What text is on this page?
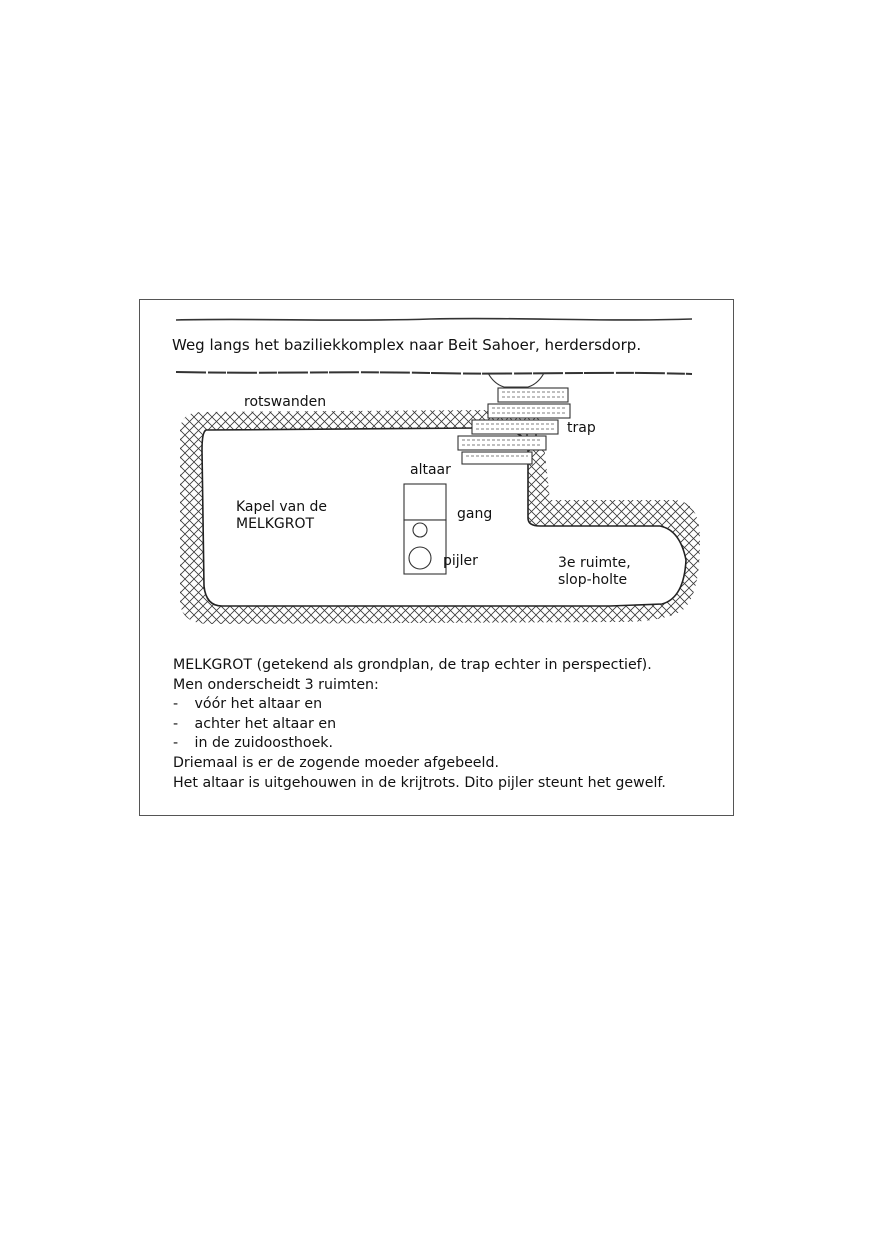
Weg langs het baziliekkomplex naar Beit Sahoer, herdersdorp.
rotswanden
trap
altaar
Kapel van de
MELKGROT
gang
pijler	3e ruimte,
slop-holte
MELKGROT (getekend als grondplan, de trap echter in perspectief).
Men onderscheidt 3 ruimten:
- vóór het altaar en
- achter het altaar en
- in de zuidoosthoek.
Driemaal is er de zogende moeder afgebeeld.
Het altaar is uitgehouwen in de krijtrots. Dito pijler steunt het gewelf.
